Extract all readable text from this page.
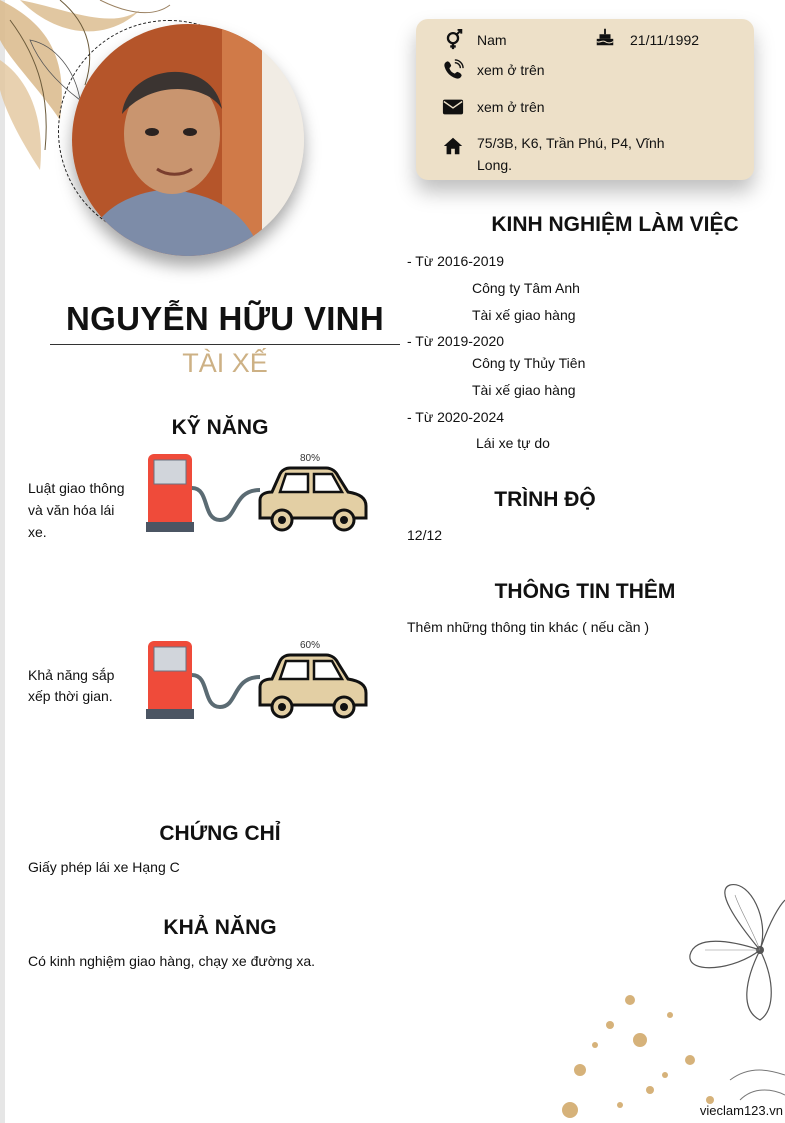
NGUYỄN HỮU VINH
TÀI XẾ
Nam	21/11/1992
xem ở trên
xem ở trên
75/3B, K6, Trần Phú, P4, Vĩnh
Long.
KỸ NĂNG
Luật giao thông
và văn hóa lái
xe.
80%
Khả năng sắp
xếp thời gian.
60%
CHỨNG CHỈ
Giấy phép lái xe Hạng C
KHẢ NĂNG
Có kinh nghiệm giao hàng, chạy xe đường xa.
KINH NGHIỆM LÀM VIỆC
- Từ 2016-2019
Công ty Tâm Anh
Tài xế giao hàng
- Từ 2019-2020
Công ty Thủy Tiên
Tài xế giao hàng
- Từ 2020-2024
Lái xe tự do
TRÌNH ĐỘ
12/12
THÔNG TIN THÊM
Thêm những thông tin khác ( nếu cần )
vieclam123.vn
